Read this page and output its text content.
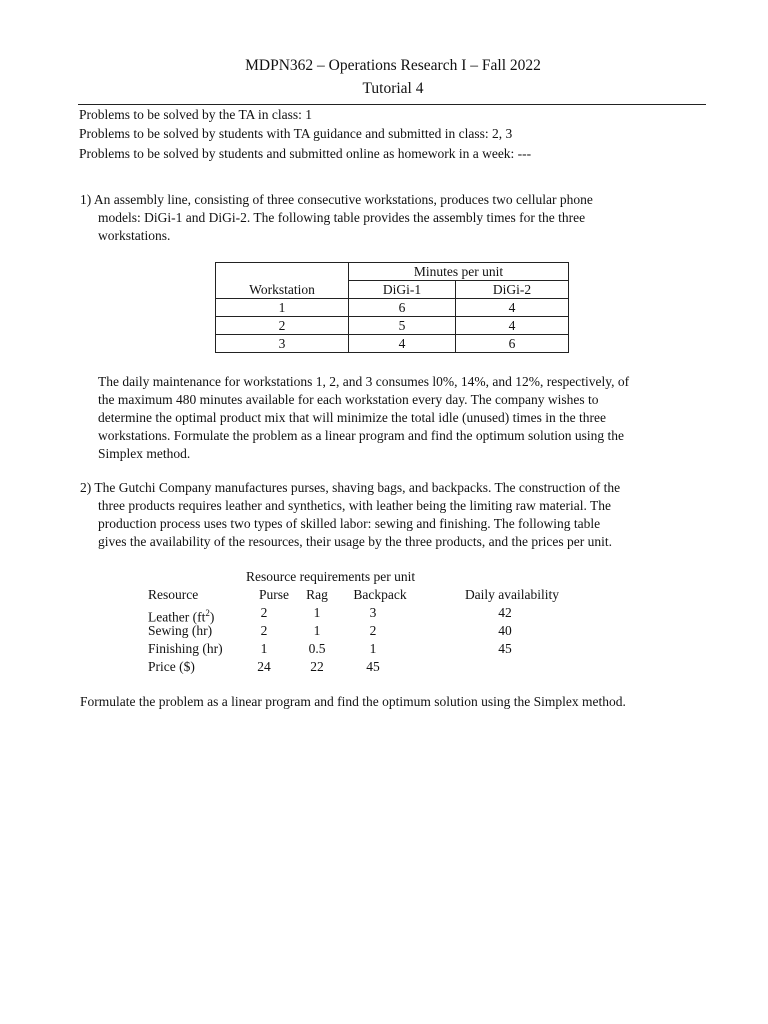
MDPN362 – Operations Research I – Fall 2022
Tutorial 4
Problems to be solved by the TA in class: 1
Problems to be solved by students with TA guidance and submitted in class: 2, 3
Problems to be solved by students and submitted online as homework in a week: ---
1) An assembly line, consisting of three consecutive workstations, produces two cellular phone
models: DiGi-1 and DiGi-2. The following table provides the assembly times for the three
workstations.
	Minutes per unit	
Workstation	DiGi-1	DiGi-2
1	6	4
2	5	4
3	4	6
The daily maintenance for workstations 1, 2, and 3 consumes l0%, 14%, and 12%, respectively, of
the maximum 480 minutes available for each workstation every day. The company wishes to
determine the optimal product mix that will minimize the total idle (unused) times in the three
workstations. Formulate the problem as a linear program and find the optimum solution using the
Simplex method.
2) The Gutchi Company manufactures purses, shaving bags, and backpacks. The construction of the
three products requires leather and synthetics, with leather being the limiting raw material. The
production process uses two types of skilled labor: sewing and finishing. The following table
gives the availability of the resources, their usage by the three products, and the prices per unit.
Resource requirements per unit
Resource	Purse	Rag	Backpack	Daily availability
Leather $(ft^2)$	2	1	3	42
Sewing (hr)	2	1	2	40
Finishing (hr)	1	0.5	1	45
Price ($)	24	22	45
Formulate the problem as a linear program and find the optimum solution using the Simplex method.
